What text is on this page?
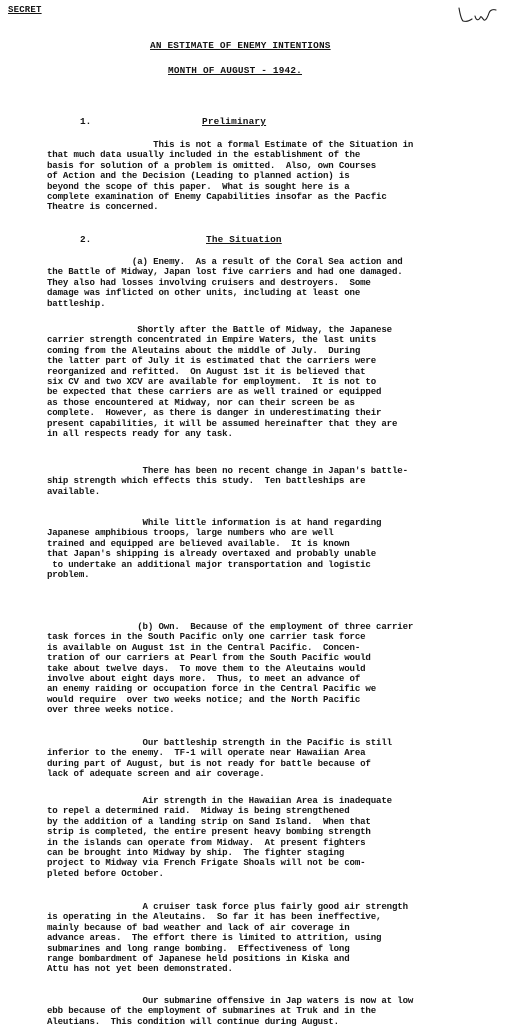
SECRET
AN ESTIMATE OF ENEMY INTENTIONS
MONTH OF AUGUST - 1942.
1.	Preliminary
This is not a formal Estimate of the Situation in
that much data usually included in the establishment of the
basis for solution of a problem is omitted.  Also, own Courses
of Action and the Decision (Leading to planned action) is
beyond the scope of this paper.  What is sought here is a
complete examination of Enemy Capabilities insofar as the Pacfic
Theatre is concerned.
2.	The Situation
(a) Enemy.  As a result of the Coral Sea action and
the Battle of Midway, Japan lost five carriers and had one damaged.
They also had losses involving cruisers and destroyers.  Some
damage was inflicted on other units, including at least one
battleship.
Shortly after the Battle of Midway, the Japanese
carrier strength concentrated in Empire Waters, the last units
coming from the Aleutains about the middle of July.  During
the latter part of July it is estimated that the carriers were
reorganized and refitted.  On August 1st it is believed that
six CV and two XCV are available for employment.  It is not to
be expected that these carriers are as well trained or equipped
as those encountered at Midway, nor can their screen be as
complete.  However, as there is danger in underestimating their
present capabilities, it will be assumed hereinafter that they are
in all respects ready for any task.
There has been no recent change in Japan's battle-
ship strength which effects this study.  Ten battleships are
available.
While little information is at hand regarding
Japanese amphibious troops, large numbers who are well
trained and equipped are believed available.  It is known
that Japan's shipping is already overtaxed and probably unable
to undertake an additional major transportation and logistic
problem.
(b) Own.  Because of the employment of three carrier
task forces in the South Pacific only one carrier task force
is available on August 1st in the Central Pacific.  Concen-
tration of our carriers at Pearl from the South Pacific would
take about twelve days.  To move them to the Aleutains would
involve about eight days more.  Thus, to meet an advance of
an enemy raiding or occupation force in the Central Pacific we
would require  over two weeks notice; and the North Pacific
over three weeks notice.
Our battleship strength in the Pacific is still
inferior to the enemy.  TF-1 will operate near Hawaiian Area
during part of August, but is not ready for battle because of
lack of adequate screen and air coverage.
Air strength in the Hawaiian Area is inadequate
to repel a determined raid.  Midway is being strengthened
by the addition of a landing strip on Sand Island.  When that
strip is completed, the entire present heavy bombing strength
in the islands can operate from Midway.  At present fighters
can be brought into Midway by ship.  The fighter staging
project to Midway via French Frigate Shoals will not be com-
pleted before October.
A cruiser task force plus fairly good air strength
is operating in the Aleutains.  So far it has been ineffective,
mainly because of bad weather and lack of air coverage in
advance areas.  The effort there is limited to attrition, using
submarines and long range bombing.  Effectiveness of long
range bombardment of Japanese held positions in Kiska and
Attu has not yet been demonstrated.
Our submarine offensive in Jap waters is now at low
ebb because of the employment of submarines at Truk and in the
Aleutians.  This condition will continue during August.
